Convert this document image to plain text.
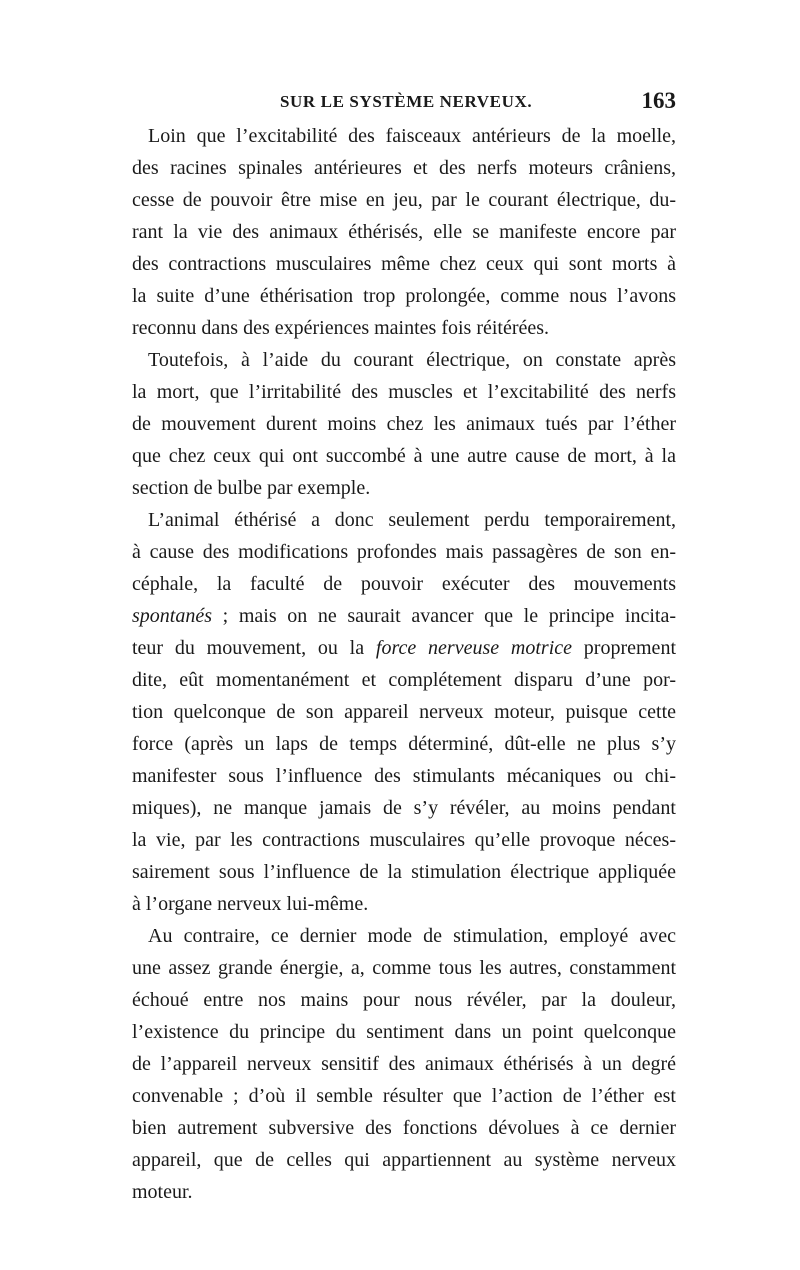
SUR LE SYSTÈME NERVEUX.	163
Loin que l’excitabilité des faisceaux antérieurs de la moelle,
des racines spinales antérieures et des nerfs moteurs crâniens,
cesse de pouvoir être mise en jeu, par le courant électrique, du-
rant la vie des animaux éthérisés, elle se manifeste encore par
des contractions musculaires même chez ceux qui sont morts à
la suite d’une éthérisation trop prolongée, comme nous l’avons
reconnu dans des expériences maintes fois réitérées.
Toutefois, à l’aide du courant électrique, on constate après
la mort, que l’irritabilité des muscles et l’excitabilité des nerfs
de mouvement durent moins chez les animaux tués par l’éther
que chez ceux qui ont succombé à une autre cause de mort, à la
section de bulbe par exemple.
L’animal éthérisé a donc seulement perdu temporairement,
à cause des modifications profondes mais passagères de son en-
céphale, la faculté de pouvoir exécuter des mouvements
spontanés ; mais on ne saurait avancer que le principe incita-
teur du mouvement, ou la force nerveuse motrice proprement
dite, eût momentanément et complétement disparu d’une por-
tion quelconque de son appareil nerveux moteur, puisque cette
force (après un laps de temps déterminé, dût-elle ne plus s’y
manifester sous l’influence des stimulants mécaniques ou chi-
miques), ne manque jamais de s’y révéler, au moins pendant
la vie, par les contractions musculaires qu’elle provoque néces-
sairement sous l’influence de la stimulation électrique appliquée
à l’organe nerveux lui-même.
Au contraire, ce dernier mode de stimulation, employé avec
une assez grande énergie, a, comme tous les autres, constamment
échoué entre nos mains pour nous révéler, par la douleur,
l’existence du principe du sentiment dans un point quelconque
de l’appareil nerveux sensitif des animaux éthérisés à un degré
convenable ; d’où il semble résulter que l’action de l’éther est
bien autrement subversive des fonctions dévolues à ce dernier
appareil, que de celles qui appartiennent au système nerveux
moteur.
